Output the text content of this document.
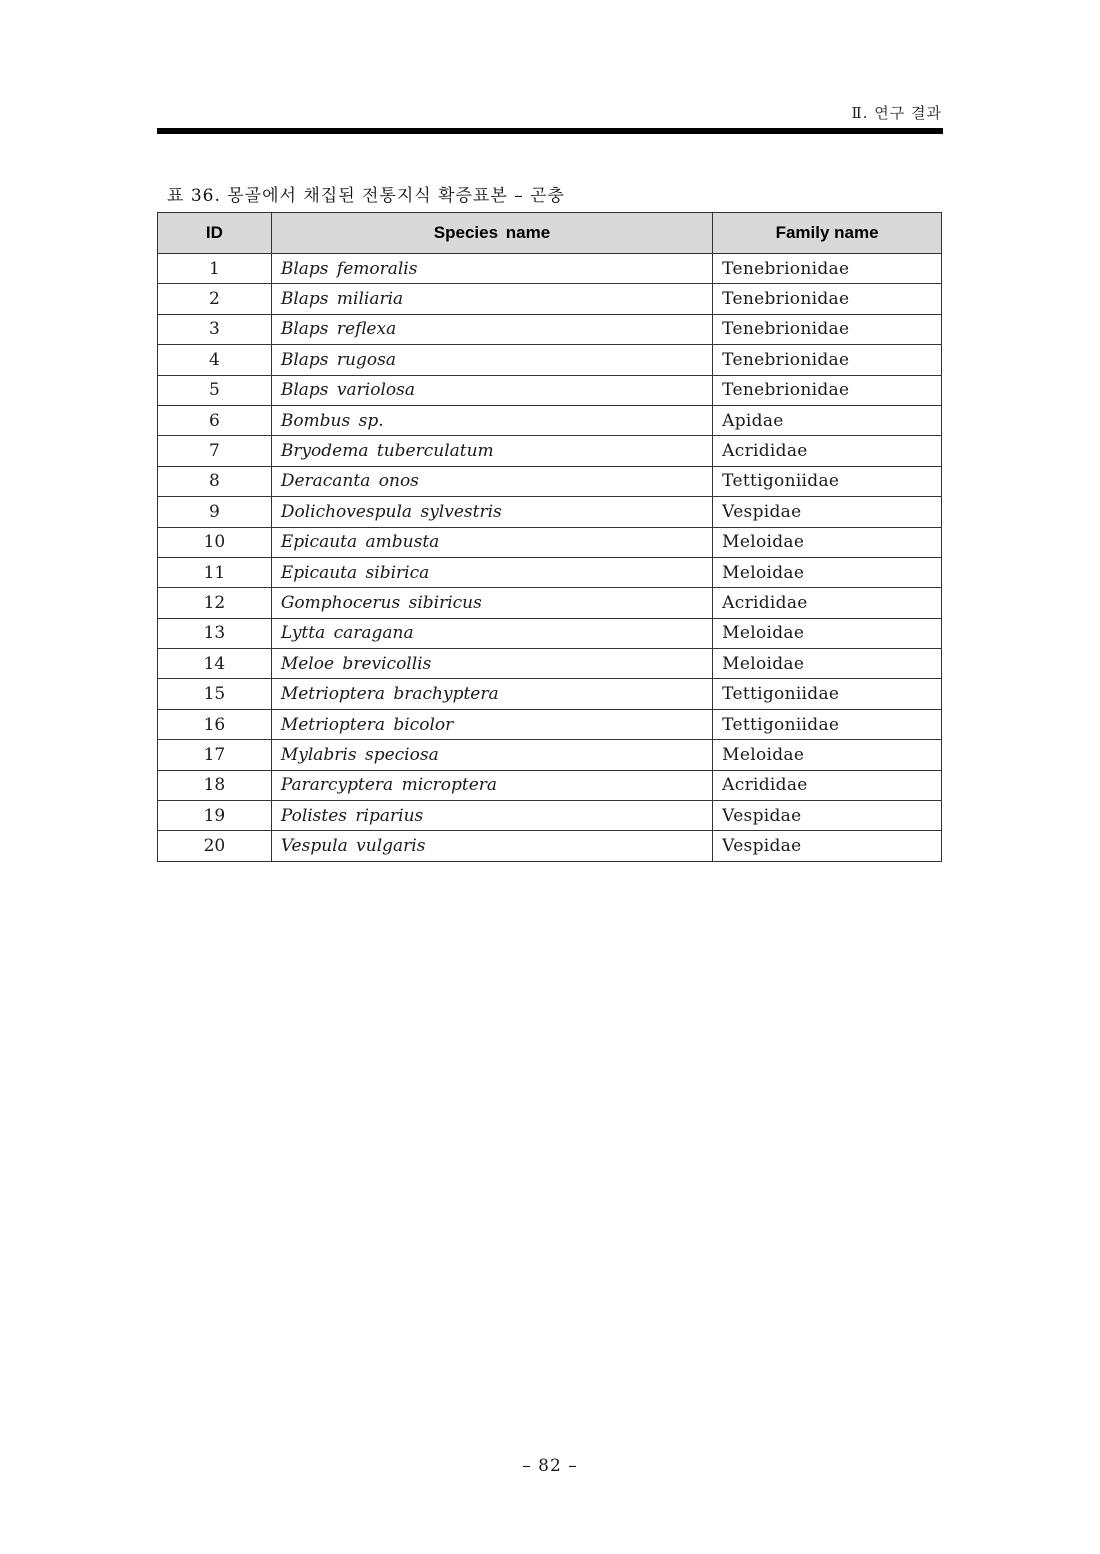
Ⅱ. 연구 결과
표 36. 몽골에서 채집된 전통지식 확증표본 – 곤충
ID	Species name	Family name
1	Blaps femoralis	Tenebrionidae
2	Blaps miliaria	Tenebrionidae
3	Blaps reflexa	Tenebrionidae
4	Blaps rugosa	Tenebrionidae
5	Blaps variolosa	Tenebrionidae
6	Bombus sp.	Apidae
7	Bryodema tuberculatum	Acrididae
8	Deracanta onos	Tettigoniidae
9	Dolichovespula sylvestris	Vespidae
10	Epicauta ambusta	Meloidae
11	Epicauta sibirica	Meloidae
12	Gomphocerus sibiricus	Acrididae
13	Lytta caragana	Meloidae
14	Meloe brevicollis	Meloidae
15	Metrioptera brachyptera	Tettigoniidae
16	Metrioptera bicolor	Tettigoniidae
17	Mylabris speciosa	Meloidae
18	Pararcyptera microptera	Acrididae
19	Polistes riparius	Vespidae
20	Vespula vulgaris	Vespidae
– 82 –
